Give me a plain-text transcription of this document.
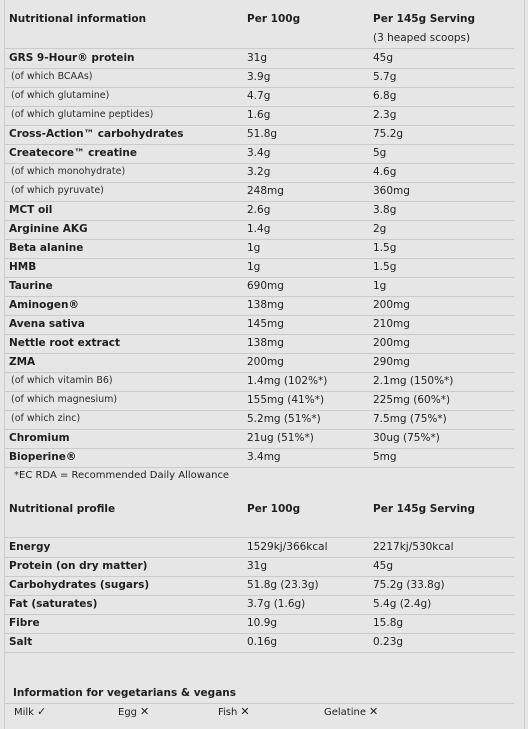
Nutritional information	Per 100g	Per 145g Serving
(3 heaped scoops)
GRS 9-Hour® protein	31g	45g
(of which BCAAs)	3.9g	5.7g
(of which glutamine)	4.7g	6.8g
(of which glutamine peptides)	1.6g	2.3g
Cross-Action™ carbohydrates	51.8g	75.2g
Createcore™ creatine	3.4g	5g
(of which monohydrate)	3.2g	4.6g
(of which pyruvate)	248mg	360mg
MCT oil	2.6g	3.8g
Arginine AKG	1.4g	2g
Beta alanine	1g	1.5g
HMB	1g	1.5g
Taurine	690mg	1g
Aminogen®	138mg	200mg
Avena sativa	145mg	210mg
Nettle root extract	138mg	200mg
ZMA	200mg	290mg
(of which vitamin B6)	1.4mg (102%*)	2.1mg (150%*)
(of which magnesium)	155mg (41%*)	225mg (60%*)
(of which zinc)	5.2mg (51%*)	7.5mg (75%*)
Chromium	21ug (51%*)	30ug (75%*)
Bioperine®	3.4mg	5mg
*EC RDA = Recommended Daily Allowance
Nutritional profile	Per 100g	Per 145g Serving
Energy	1529kj/366kcal	2217kj/530kcal
Protein (on dry matter)	31g	45g
Carbohydrates (sugars)	51.8g (23.3g)	75.2g (33.8g)
Fat (saturates)	3.7g (1.6g)	5.4g (2.4g)
Fibre	10.9g	15.8g
Salt	0.16g	0.23g
Information for vegetarians & vegans
Milk ✓	Egg ✕	Fish ✕	Gelatine ✕
